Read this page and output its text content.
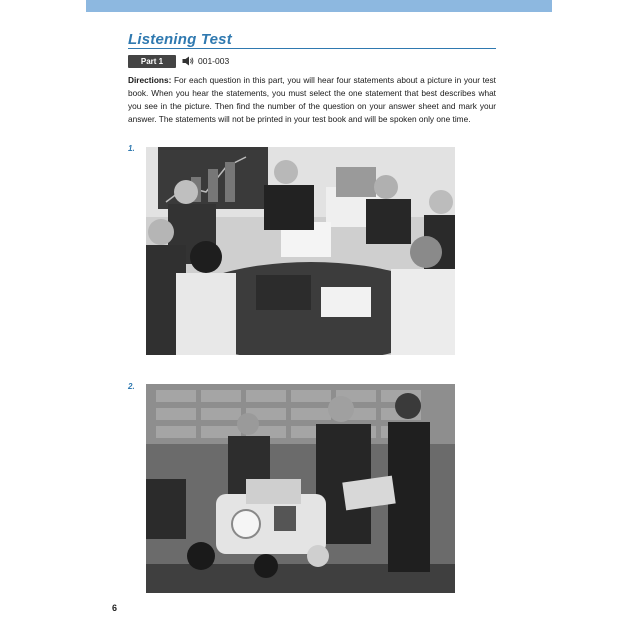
Listening Test
Part 1	001-003
Directions: For each question in this part, you will hear four statements about a picture in your test book. When you hear the statements, you must select the one statement that best describes what you see in the picture. Then find the number of the question on your answer sheet and mark your answer. The statements will not be printed in your test book and will be spoken only one time.
1.
2.
6
